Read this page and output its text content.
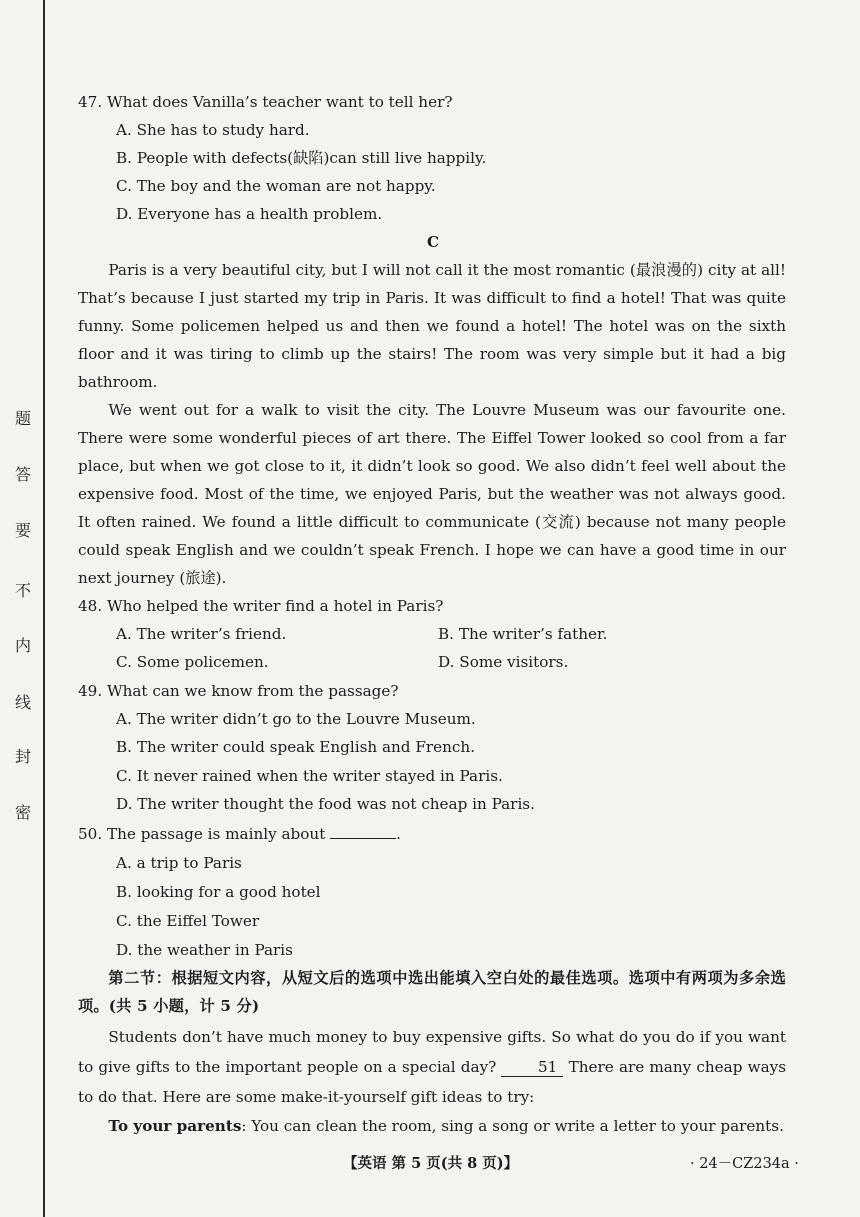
题
答
要
不
内
线
封
密
47. What does Vanilla’s teacher want to tell her?
A. She has to study hard.
B. People with defects(缺陷)can still live happily.
C. The boy and the woman are not happy.
D. Everyone has a health problem.
C
Paris is a very beautiful city, but I will not call it the most romantic (最浪漫的) city at all! That’s because I just started my trip in Paris. It was difficult to find a hotel! That was quite funny. Some policemen helped us and then we found a hotel! The hotel was on the sixth floor and it was tiring to climb up the stairs! The room was very simple but it had a big bathroom.
We went out for a walk to visit the city. The Louvre Museum was our favourite one. There were some wonderful pieces of art there. The Eiffel Tower looked so cool from a far place, but when we got close to it, it didn’t look so good. We also didn’t feel well about the expensive food. Most of the time, we enjoyed Paris, but the weather was not always good. It often rained. We found a little difficult to communicate (交流) because not many people could speak English and we couldn’t speak French. I hope we can have a good time in our next journey (旅途).
48. Who helped the writer find a hotel in Paris?
A. The writer’s friend.	B. The writer’s father.
C. Some policemen.	D. Some visitors.
49. What can we know from the passage?
A. The writer didn’t go to the Louvre Museum.
B. The writer could speak English and French.
C. It never rained when the writer stayed in Paris.
D. The writer thought the food was not cheap in Paris.
50. The passage is mainly about	.
A. a trip to Paris
B. looking for a good hotel
C. the Eiffel Tower
D. the weather in Paris
第二节：根据短文内容，从短文后的选项中选出能填入空白处的最佳选项。选项中有两项为多余选项。(共 5 小题，计 5 分)
Students don’t have much money to buy expensive gifts. So what do you do if you want to give gifts to the important people on a special day?	51 There are many cheap ways to do that. Here are some make-it-yourself gift ideas to try:
To your parents: You can clean the room, sing a song or write a letter to your parents.
【英语 第 5 页(共 8 页)】	· 24－CZ234a ·
